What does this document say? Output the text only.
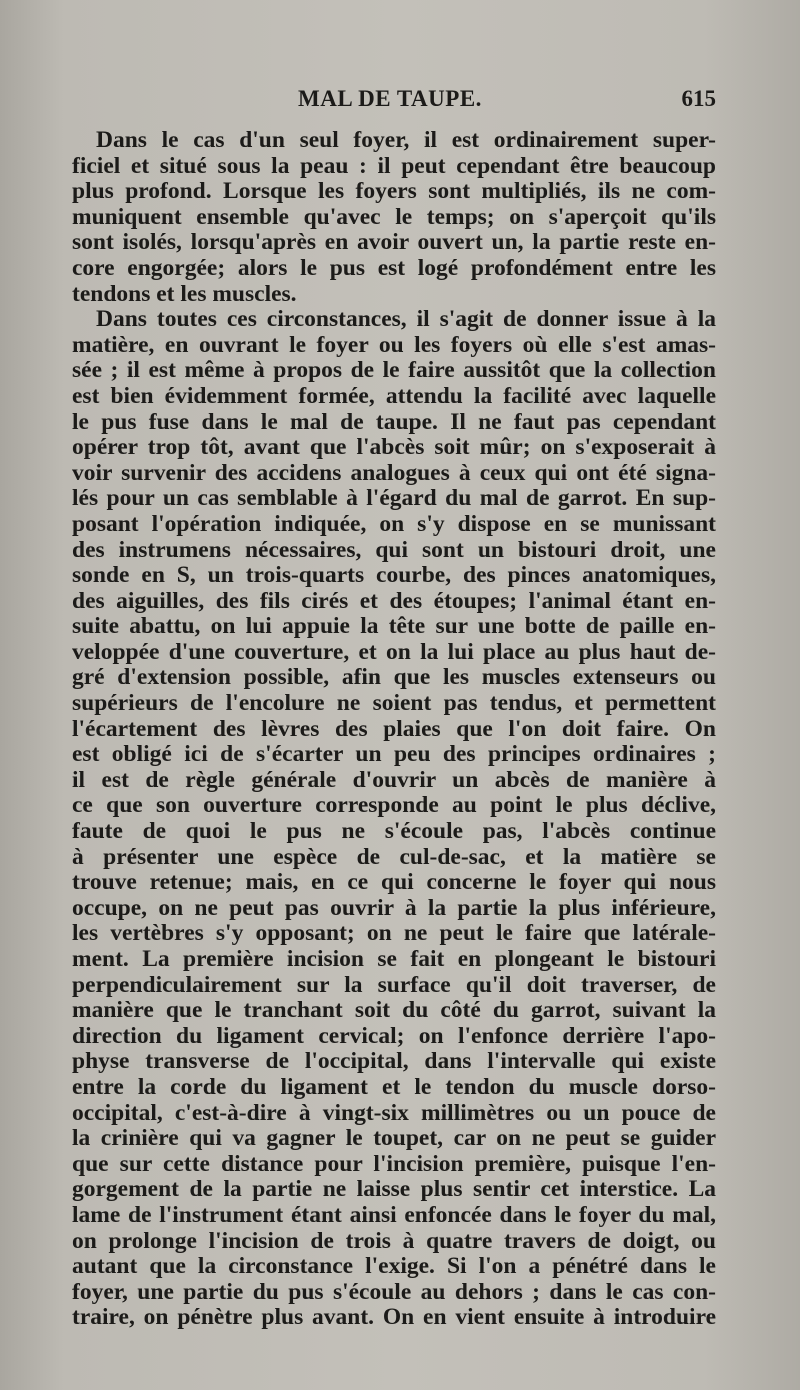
MAL DE TAUPE.	615
Dans le cas d'un seul foyer, il est ordinairement super-
ficiel et situé sous la peau : il peut cependant être beaucoup
plus profond. Lorsque les foyers sont multipliés, ils ne com-
muniquent ensemble qu'avec le temps; on s'aperçoit qu'ils
sont isolés, lorsqu'après en avoir ouvert un, la partie reste en-
core engorgée; alors le pus est logé profondément entre les
tendons et les muscles.
Dans toutes ces circonstances, il s'agit de donner issue à la
matière, en ouvrant le foyer ou les foyers où elle s'est amas-
sée ; il est même à propos de le faire aussitôt que la collection
est bien évidemment formée, attendu la facilité avec laquelle
le pus fuse dans le mal de taupe. Il ne faut pas cependant
opérer trop tôt, avant que l'abcès soit mûr; on s'exposerait à
voir survenir des accidens analogues à ceux qui ont été signa-
lés pour un cas semblable à l'égard du mal de garrot. En sup-
posant l'opération indiquée, on s'y dispose en se munissant
des instrumens nécessaires, qui sont un bistouri droit, une
sonde en S, un trois-quarts courbe, des pinces anatomiques,
des aiguilles, des fils cirés et des étoupes; l'animal étant en-
suite abattu, on lui appuie la tête sur une botte de paille en-
veloppée d'une couverture, et on la lui place au plus haut de-
gré d'extension possible, afin que les muscles extenseurs ou
supérieurs de l'encolure ne soient pas tendus, et permettent
l'écartement des lèvres des plaies que l'on doit faire. On
est obligé ici de s'écarter un peu des principes ordinaires ;
il est de règle générale d'ouvrir un abcès de manière à
ce que son ouverture corresponde au point le plus déclive,
faute de quoi le pus ne s'écoule pas, l'abcès continue
à présenter une espèce de cul-de-sac, et la matière se
trouve retenue; mais, en ce qui concerne le foyer qui nous
occupe, on ne peut pas ouvrir à la partie la plus inférieure,
les vertèbres s'y opposant; on ne peut le faire que latérale-
ment. La première incision se fait en plongeant le bistouri
perpendiculairement sur la surface qu'il doit traverser, de
manière que le tranchant soit du côté du garrot, suivant la
direction du ligament cervical; on l'enfonce derrière l'apo-
physe transverse de l'occipital, dans l'intervalle qui existe
entre la corde du ligament et le tendon du muscle dorso-
occipital, c'est-à-dire à vingt-six millimètres ou un pouce de
la crinière qui va gagner le toupet, car on ne peut se guider
que sur cette distance pour l'incision première, puisque l'en-
gorgement de la partie ne laisse plus sentir cet interstice. La
lame de l'instrument étant ainsi enfoncée dans le foyer du mal,
on prolonge l'incision de trois à quatre travers de doigt, ou
autant que la circonstance l'exige. Si l'on a pénétré dans le
foyer, une partie du pus s'écoule au dehors ; dans le cas con-
traire, on pénètre plus avant. On en vient ensuite à introduire
